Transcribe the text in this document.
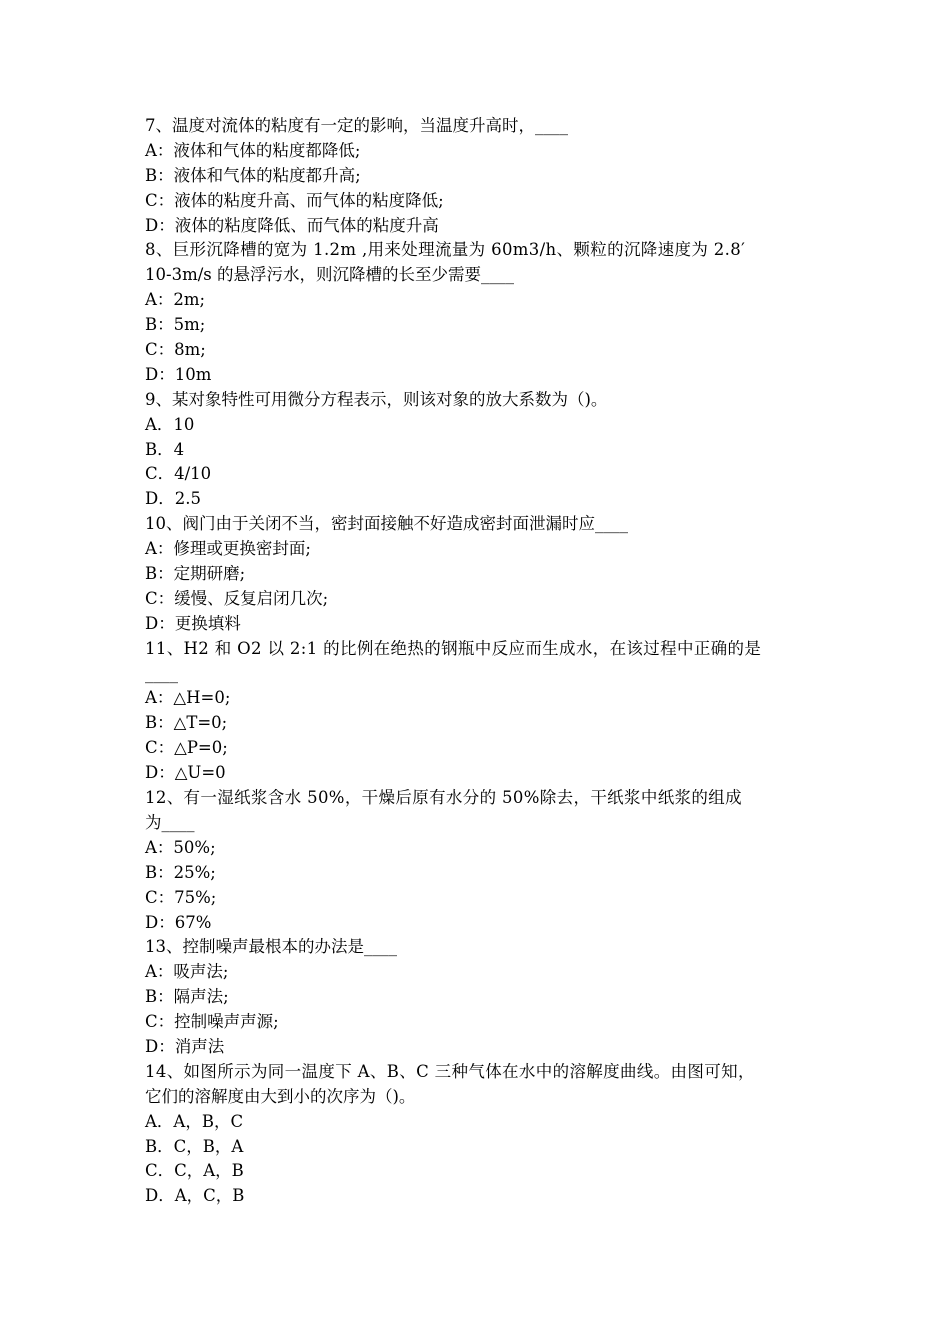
7、温度对流体的粘度有一定的影响，当温度升高时，____
A：液体和气体的粘度都降低;
B：液体和气体的粘度都升高;
C：液体的粘度升高、而气体的粘度降低;
D：液体的粘度降低、而气体的粘度升高
8、巨形沉降槽的宽为 1.2m ,用来处理流量为 60m3/h、颗粒的沉降速度为 2.8′
10-3m/s 的悬浮污水，则沉降槽的长至少需要____
A：2m;
B：5m;
C：8m;
D：10m
9、某对象特性可用微分方程表示，则该对象的放大系数为（)。
A．10
B．4
C．4/10
D．2.5
10、阀门由于关闭不当，密封面接触不好造成密封面泄漏时应____
A：修理或更换密封面;
B：定期研磨;
C：缓慢、反复启闭几次;
D：更换填料
11、H2 和 O2 以 2:1 的比例在绝热的钢瓶中反应而生成水，在该过程中正确的是
____
A：△H=0;
B：△T=0;
C：△P=0;
D：△U=0
12、有一湿纸浆含水 50%，干燥后原有水分的 50%除去，干纸浆中纸浆的组成
为____
A：50%;
B：25%;
C：75%;
D：67%
13、控制噪声最根本的办法是____
A：吸声法;
B：隔声法;
C：控制噪声声源;
D：消声法
14、如图所示为同一温度下 A、B、C 三种气体在水中的溶解度曲线。由图可知，
它们的溶解度由大到小的次序为（)。
A．A，B，C
B．C，B，A
C．C，A，B
D．A，C，B
